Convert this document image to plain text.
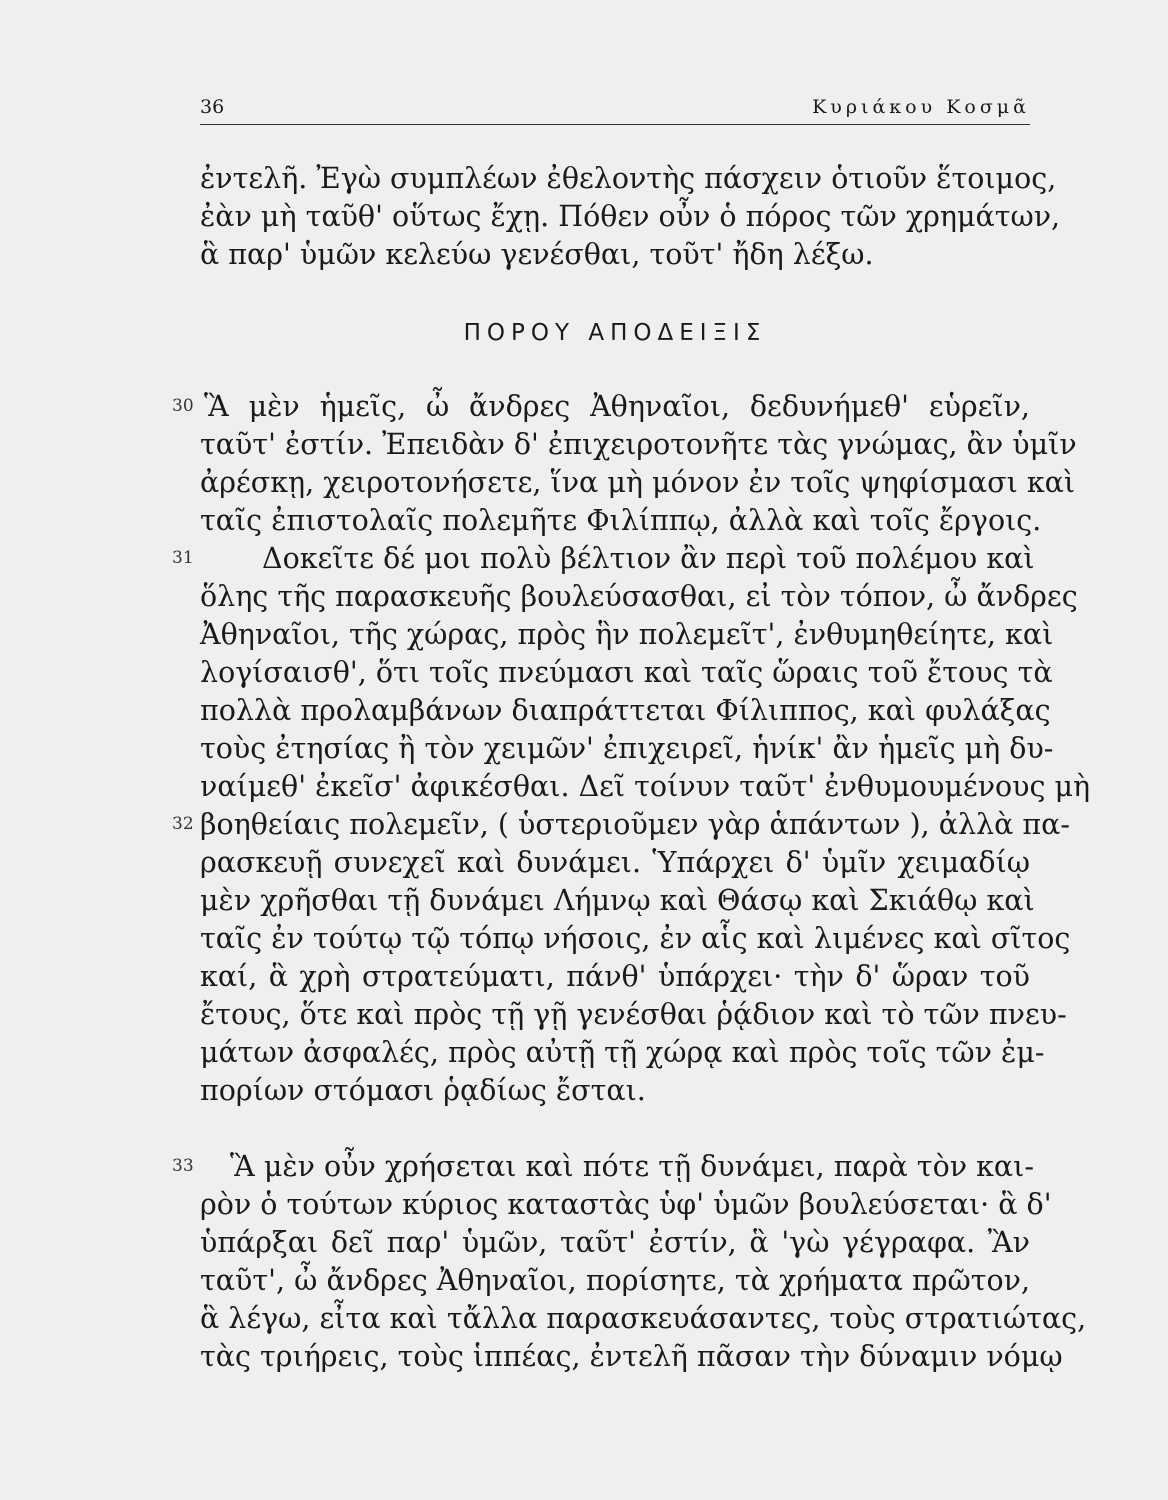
36	Κυριάκου Κοσμᾶ
ἐντελῆ. Ἐγὼ συμπλέων ἐθελοντὴς πάσχειν ὁτιοῦν ἕτοιμος,
ἐὰν μὴ ταῦθ' οὕτως ἔχῃ. Πόθεν οὖν ὁ πόρος τῶν χρημάτων,
ἃ παρ' ὑμῶν κελεύω γενέσθαι, τοῦτ' ἤδη λέξω.
ΠΟΡΟΥ ΑΠΟΔΕΙΞΙΣ
30
31
32
33
Ἃ μὲν ἡμεῖς, ὦ ἄνδρες Ἀθηναῖοι, δεδυνήμεθ' εὑρεῖν,
ταῦτ' ἐστίν. Ἐπειδὰν δ' ἐπιχειροτονῆτε τὰς γνώμας, ἂν ὑμῖν
ἀρέσκῃ, χειροτονήσετε, ἵνα μὴ μόνον ἐν τοῖς ψηφίσμασι καὶ
ταῖς ἐπιστολαῖς πολεμῆτε Φιλίππῳ, ἀλλὰ καὶ τοῖς ἔργοις.
Δοκεῖτε δέ μοι πολὺ βέλτιον ἂν περὶ τοῦ πολέμου καὶ
ὅλης τῆς παρασκευῆς βουλεύσασθαι, εἰ τὸν τόπον, ὦ ἄνδρες
Ἀθηναῖοι, τῆς χώρας, πρὸς ἣν πολεμεῖτ', ἐνθυμηθείητε, καὶ
λογίσαισθ', ὅτι τοῖς πνεύμασι καὶ ταῖς ὥραις τοῦ ἔτους τὰ
πολλὰ προλαμβάνων διαπράττεται Φίλιππος, καὶ φυλάξας
τοὺς ἐτησίας ἢ τὸν χειμῶν' ἐπιχειρεῖ, ἡνίκ' ἂν ἡμεῖς μὴ δυ-
ναίμεθ' ἐκεῖσ' ἀφικέσθαι. Δεῖ τοίνυν ταῦτ' ἐνθυμουμένους μὴ
βοηθείαις πολεμεῖν, ( ὑστεριοῦμεν γὰρ ἁπάντων ), ἀλλὰ πα-
ρασκευῇ συνεχεῖ καὶ δυνάμει. Ὑπάρχει δ' ὑμῖν χειμαδίῳ
μὲν χρῆσθαι τῇ δυνάμει Λήμνῳ καὶ Θάσῳ καὶ Σκιάθῳ καὶ
ταῖς ἐν τούτῳ τῷ τόπῳ νήσοις, ἐν αἷς καὶ λιμένες καὶ σῖτος
καί, ἃ χρὴ στρατεύματι, πάνθ' ὑπάρχει· τὴν δ' ὥραν τοῦ
ἔτους, ὅτε καὶ πρὸς τῇ γῇ γενέσθαι ῥᾴδιον καὶ τὸ τῶν πνευ-
μάτων ἀσφαλές, πρὸς αὐτῇ τῇ χώρᾳ καὶ πρὸς τοῖς τῶν ἐμ-
πορίων στόμασι ῥᾳδίως ἔσται.
Ἃ μὲν οὖν χρήσεται καὶ πότε τῇ δυνάμει, παρὰ τὸν και-
ρὸν ὁ τούτων κύριος καταστὰς ὑφ' ὑμῶν βουλεύσεται· ἃ δ'
ὑπάρξαι δεῖ παρ' ὑμῶν, ταῦτ' ἐστίν, ἃ 'γὼ γέγραφα. Ἂν
ταῦτ', ὦ ἄνδρες Ἀθηναῖοι, πορίσητε, τὰ χρήματα πρῶτον,
ἃ λέγω, εἶτα καὶ τἄλλα παρασκευάσαντες, τοὺς στρατιώτας,
τὰς τριήρεις, τοὺς ἱππέας, ἐντελῆ πᾶσαν τὴν δύναμιν νόμῳ
